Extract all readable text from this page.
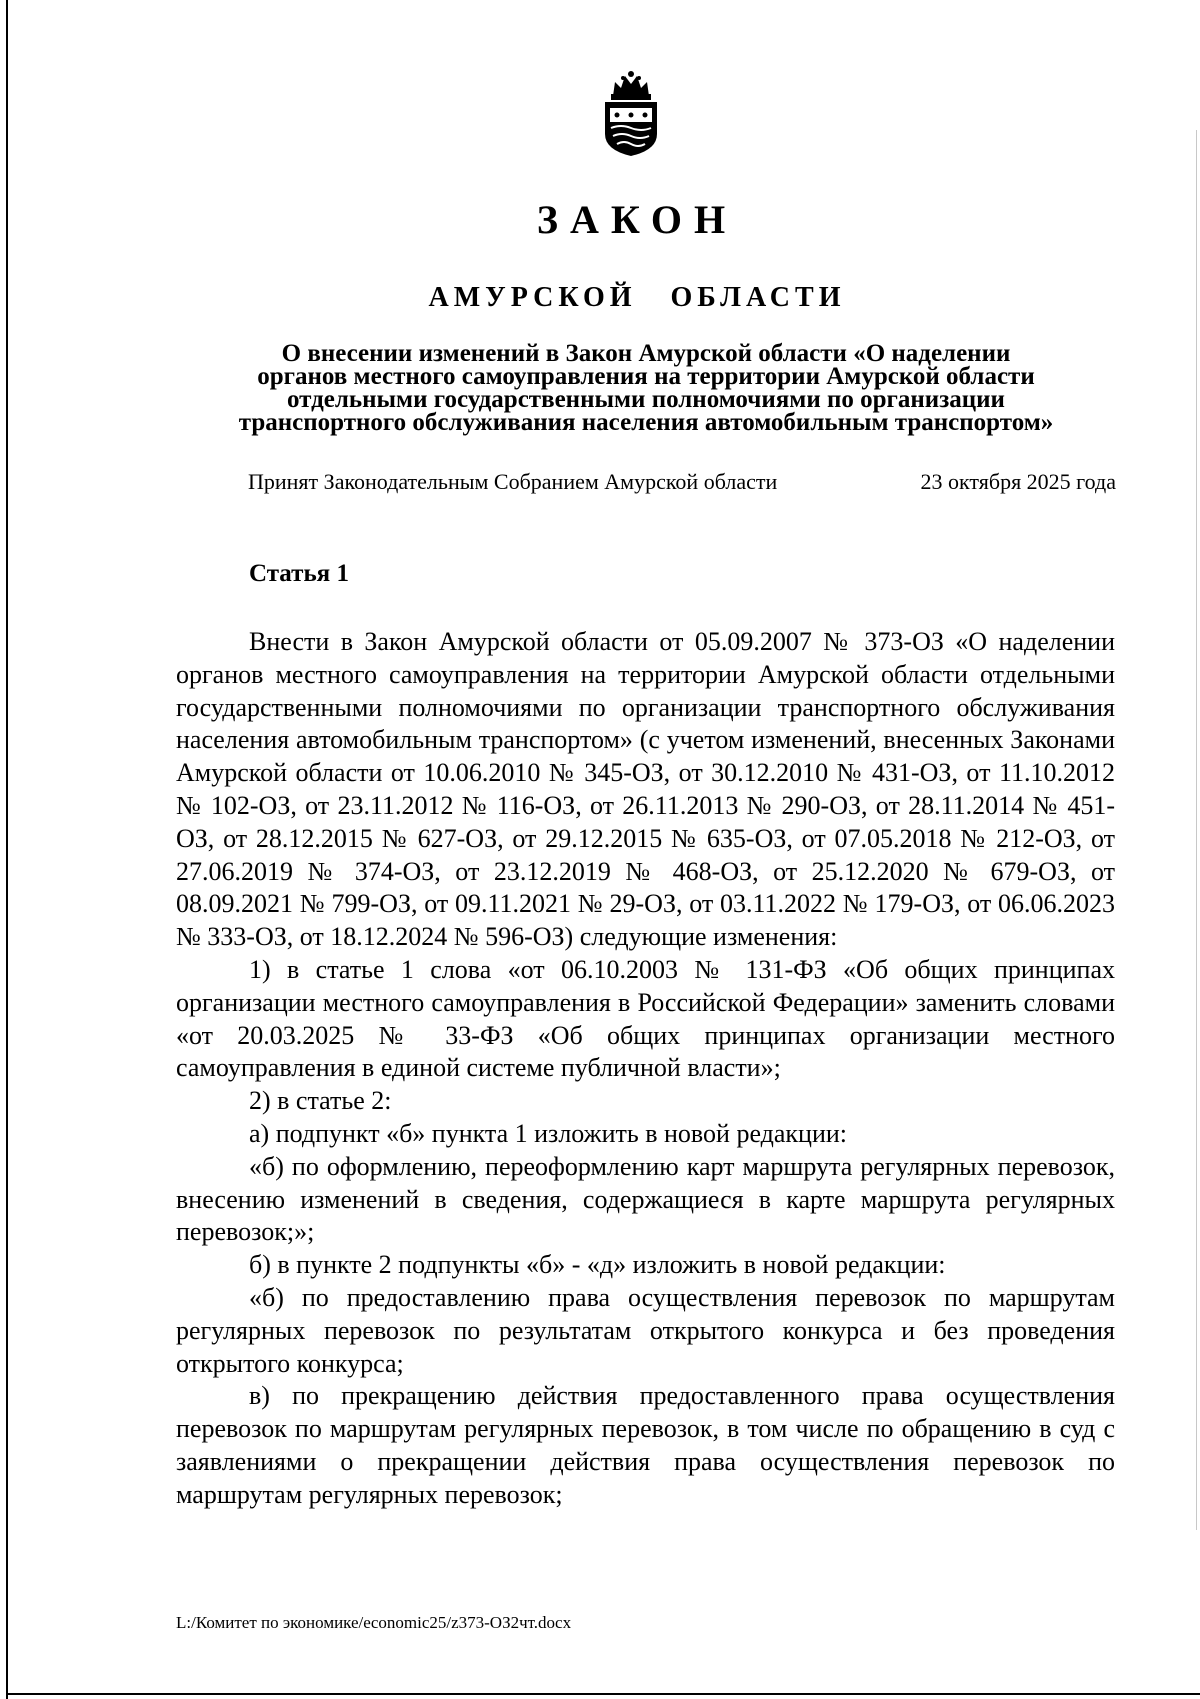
ЗАКОН
АМУРСКОЙ ОБЛАСТИ
О внесении изменений в Закон Амурской области «О наделении
органов местного самоуправления на территории Амурской области
отдельными государственными полномочиями по организации
транспортного обслуживания населения автомобильным транспортом»
Принят Законодательным Собранием Амурской области	23 октября 2025 года
Статья 1

Внести в Закон Амурской области от 05.09.2007 № 373-ОЗ «О наделении органов местного самоуправления на территории Амурской области отдельными государственными полномочиями по организации транспортного обслуживания населения автомобильным транспортом» (с учетом изменений, внесенных Законами Амурской области от 10.06.2010 № 345-ОЗ, от 30.12.2010 № 431-ОЗ, от 11.10.2012 № 102-ОЗ, от 23.11.2012 № 116-ОЗ, от 26.11.2013 № 290-ОЗ, от 28.11.2014 № 451-ОЗ, от 28.12.2015 № 627-ОЗ, от 29.12.2015 № 635-ОЗ, от 07.05.2018 № 212-ОЗ, от 27.06.2019 № 374-ОЗ, от 23.12.2019 № 468-ОЗ, от 25.12.2020 № 679-ОЗ, от 08.09.2021 № 799-ОЗ, от 09.11.2021 № 29-ОЗ, от 03.11.2022 № 179-ОЗ, от 06.06.2023 № 333-ОЗ, от 18.12.2024 № 596-ОЗ) следующие изменения:

1) в статье 1 слова «от 06.10.2003 № 131-ФЗ «Об общих принципах организации местного самоуправления в Российской Федерации» заменить словами «от 20.03.2025 № 33-ФЗ «Об общих принципах организации местного самоуправления в единой системе публичной власти»;

2) в статье 2:

а) подпункт «б» пункта 1 изложить в новой редакции:

«б) по оформлению, переоформлению карт маршрута регулярных перевозок, внесению изменений в сведения, содержащиеся в карте маршрута регулярных перевозок;»;

б) в пункте 2 подпункты «б» - «д» изложить в новой редакции:

«б) по предоставлению права осуществления перевозок по маршрутам регулярных перевозок по результатам открытого конкурса и без проведения открытого конкурса;

в) по прекращению действия предоставленного права осуществления перевозок по маршрутам регулярных перевозок, в том числе по обращению в суд с заявлениями о прекращении действия права осуществления перевозок по маршрутам регулярных перевозок;

L:/Комитет по экономике/economic25/z373-ОЗ2чт.docx
